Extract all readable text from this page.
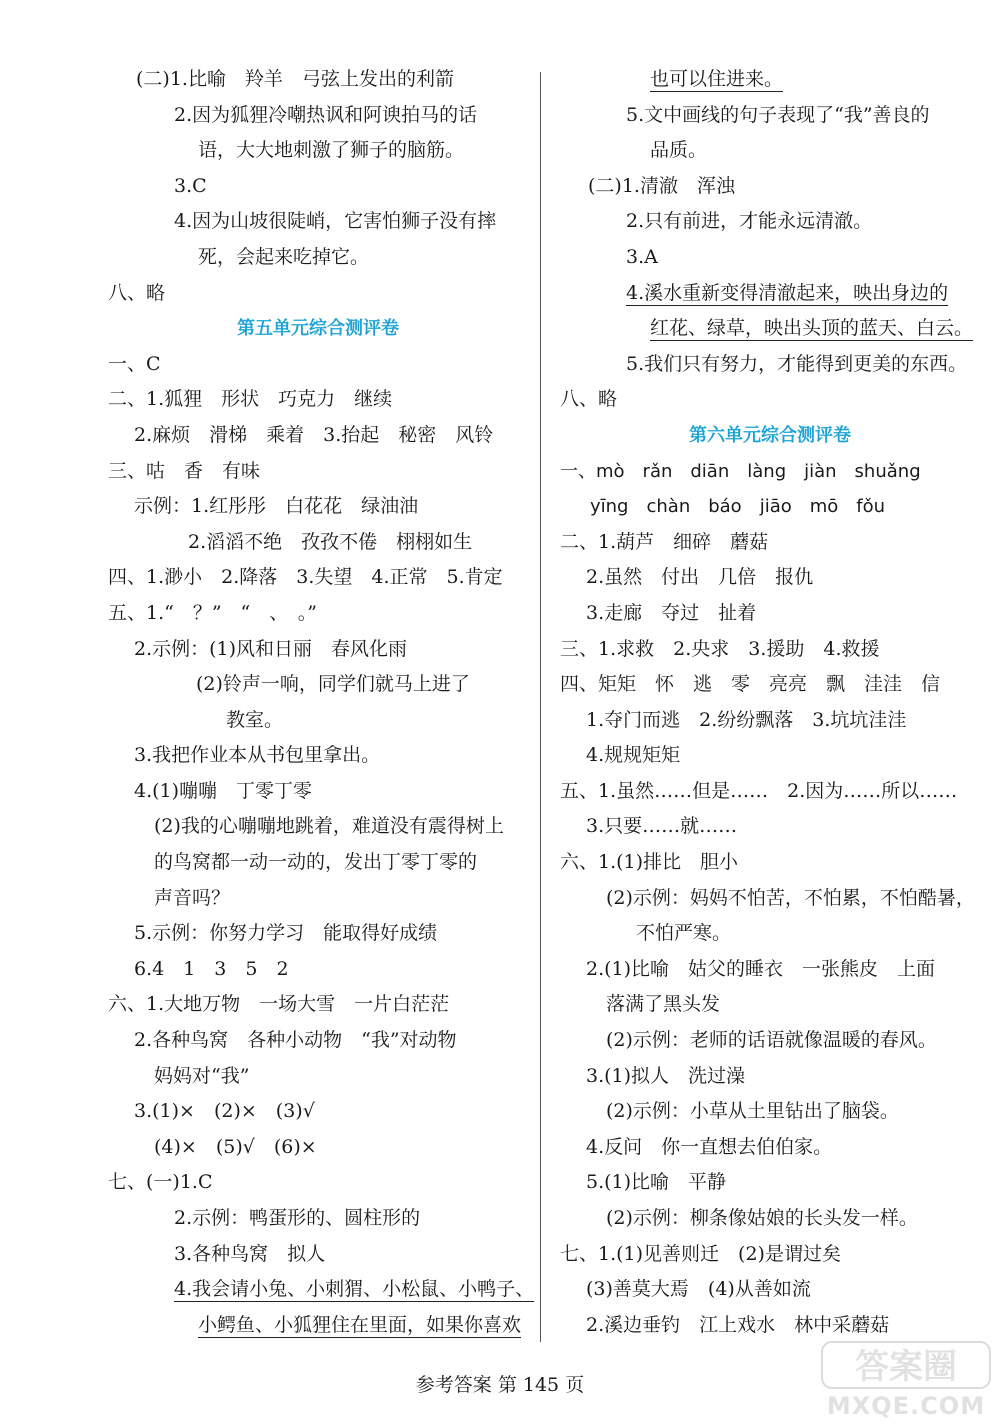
(二)1.比喻　羚羊　弓弦上发出的利箭
2.因为狐狸冷嘲热讽和阿谀拍马的话
语，大大地刺激了狮子的脑筋。
3.C
4.因为山坡很陡峭，它害怕狮子没有摔
死，会起来吃掉它。
八、略
第五单元综合测评卷
一、C
二、1.狐狸　形状　巧克力　继续
2.麻烦　滑梯　乘着　3.抬起　秘密　风铃
三、咕　香　有味
示例：1.红彤彤　白花花　绿油油
2.滔滔不绝　孜孜不倦　栩栩如生
四、1.渺小　2.降落　3.失望　4.正常　5.肯定
五、1.“　？”　“　、　。”
2.示例：(1)风和日丽　春风化雨
(2)铃声一响，同学们就马上进了
教室。
3.我把作业本从书包里拿出。
4.(1)嘣嘣　丁零丁零
(2)我的心嘣嘣地跳着，难道没有震得树上
的鸟窝都一动一动的，发出丁零丁零的
声音吗？
5.示例：你努力学习　能取得好成绩
6.4　1　3　5　2
六、1.大地万物　一场大雪　一片白茫茫
2.各种鸟窝　各种小动物　“我”对动物
妈妈对“我”
3.(1)×　(2)×　(3)√
(4)×　(5)√　(6)×
七、(一)1.C
2.示例：鸭蛋形的、圆柱形的
3.各种鸟窝　拟人
4.我会请小兔、小刺猬、小松鼠、小鸭子、
小鳄鱼、小狐狸住在里面，如果你喜欢
也可以住进来。
5.文中画线的句子表现了“我”善良的
品质。
(二)1.清澈　浑浊
2.只有前进，才能永远清澈。
3.A
4.溪水重新变得清澈起来，映出身边的
红花、绿草，映出头顶的蓝天、白云。
5.我们只有努力，才能得到更美的东西。
八、略
第六单元综合测评卷
一、mò　rǎn　diān　làng　jiàn　shuǎng
yīng　chàn　báo　jiāo　mō　fǒu
二、1.葫芦　细碎　蘑菇
2.虽然　付出　几倍　报仇
3.走廊　夺过　扯着
三、1.求救　2.央求　3.援助　4.救援
四、矩矩　怀　逃　零　亮亮　飘　洼洼　信
1.夺门而逃　2.纷纷飘落　3.坑坑洼洼
4.规规矩矩
五、1.虽然……但是……　2.因为……所以……
3.只要……就……
六、1.(1)排比　胆小
(2)示例：妈妈不怕苦，不怕累，不怕酷暑，
不怕严寒。
2.(1)比喻　姑父的睡衣　一张熊皮　上面
落满了黑头发
(2)示例：老师的话语就像温暖的春风。
3.(1)拟人　洗过澡
(2)示例：小草从土里钻出了脑袋。
4.反问　你一直想去伯伯家。
5.(1)比喻　平静
(2)示例：柳条像姑娘的长头发一样。
七、1.(1)见善则迁　(2)是谓过矣
(3)善莫大焉　(4)从善如流
2.溪边垂钓　江上戏水　林中采蘑菇
参考答案 第 145 页	答案圈
MXQE.COM
